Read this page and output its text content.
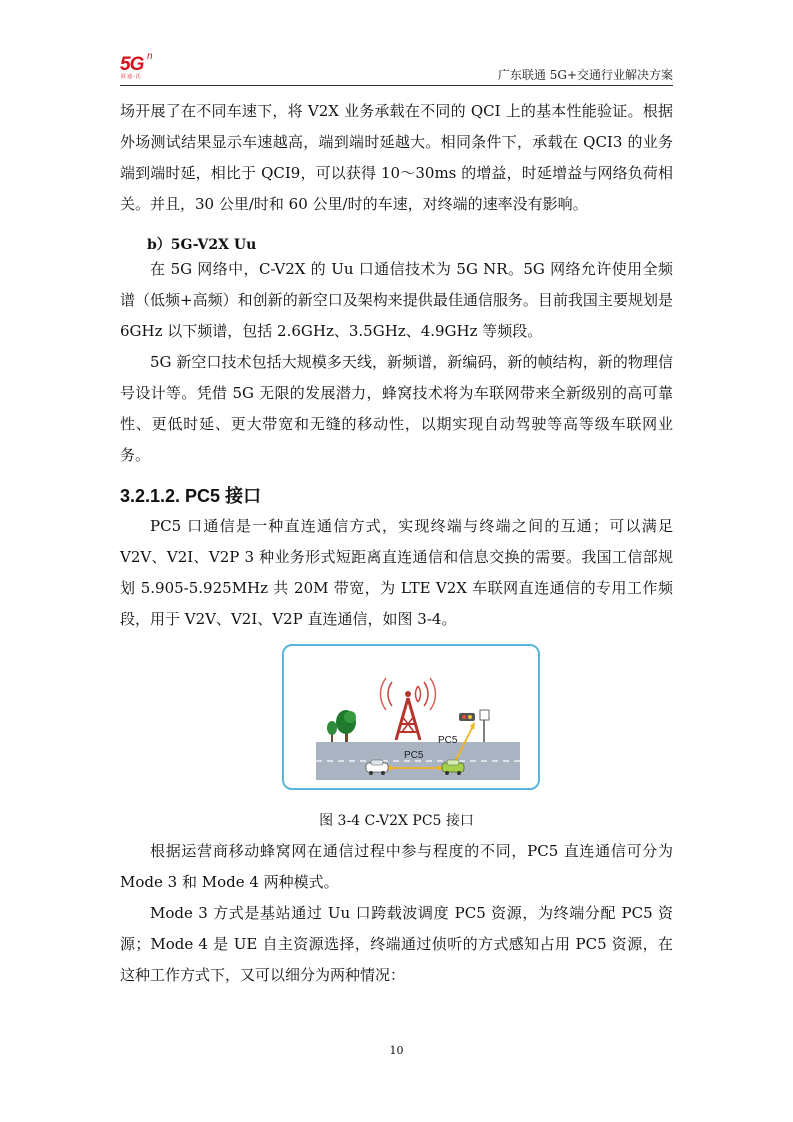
5G n
联通·沃	广东联通 5G+交通行业解决方案

场开展了在不同车速下，将 V2X 业务承载在不同的 QCI 上的基本性能验证。根据外场测试结果显示车速越高，端到端时延越大。相同条件下，承载在 QCI3 的业务端到端时延，相比于 QCI9，可以获得 10～30ms 的增益，时延增益与网络负荷相关。并且，30 公里/时和 60 公里/时的车速，对终端的速率没有影响。

b）5G-V2X Uu

在 5G 网络中，C-V2X 的 Uu 口通信技术为 5G NR。5G 网络允许使用全频谱（低频+高频）和创新的新空口及架构来提供最佳通信服务。目前我国主要规划是 6GHz 以下频谱，包括 2.6GHz、3.5GHz、4.9GHz 等频段。

5G 新空口技术包括大规模多天线，新频谱，新编码，新的帧结构，新的物理信号设计等。凭借 5G 无限的发展潜力，蜂窝技术将为车联网带来全新级别的高可靠性、更低时延、更大带宽和无缝的移动性，以期实现自动驾驶等高等级车联网业务。

3.2.1.2. PC5 接口

PC5 口通信是一种直连通信方式，实现终端与终端之间的互通；可以满足 V2V、V2I、V2P 3 种业务形式短距离直连通信和信息交换的需要。我国工信部规划 5.905-5.925MHz 共 20M 带宽，为 LTE V2X 车联网直连通信的专用工作频段，用于 V2V、V2I、V2P 直连通信，如图 3-4。

PC5
PC5
图 3-4 C-V2X PC5 接口

根据运营商移动蜂窝网在通信过程中参与程度的不同，PC5 直连通信可分为 Mode 3 和 Mode 4 两种模式。

Mode 3 方式是基站通过 Uu 口跨载波调度 PC5 资源，为终端分配 PC5 资源；Mode 4 是 UE 自主资源选择，终端通过侦听的方式感知占用 PC5 资源，在这种工作方式下，又可以细分为两种情况：

10
